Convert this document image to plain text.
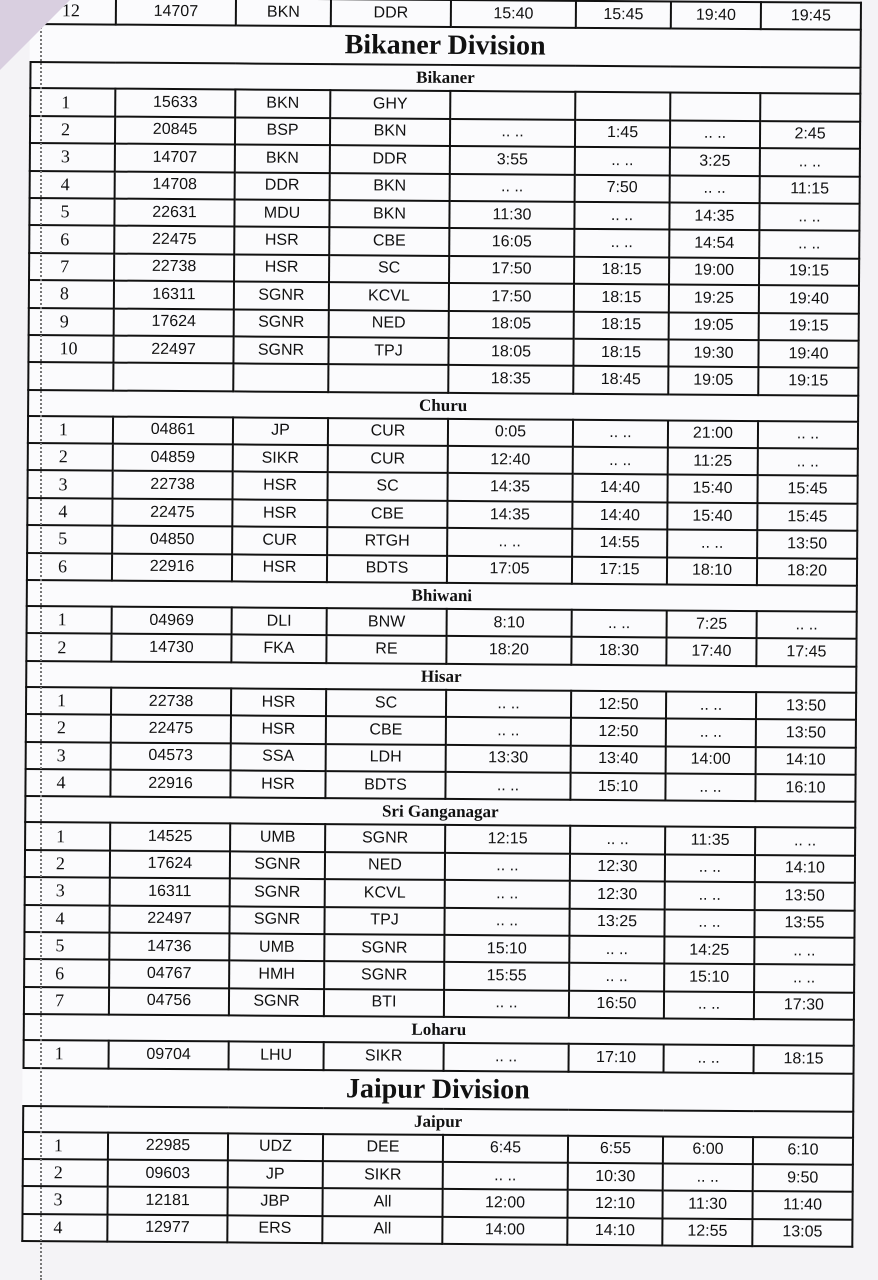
12	14707	BKN	DDR	15:40	15:45	19:40	19:45
Bikaner Division							
Bikaner							
1	15633	BKN	GHY				
2	20845	BSP	BKN	.. ..	1:45	.. ..	2:45
3	14707	BKN	DDR	3:55	.. ..	3:25	.. ..
4	14708	DDR	BKN	.. ..	7:50	.. ..	11:15
5	22631	MDU	BKN	11:30	.. ..	14:35	.. ..
6	22475	HSR	CBE	16:05	.. ..	14:54	.. ..
7	22738	HSR	SC	17:50	18:15	19:00	19:15
8	16311	SGNR	KCVL	17:50	18:15	19:25	19:40
9	17624	SGNR	NED	18:05	18:15	19:05	19:15
10	22497	SGNR	TPJ	18:05	18:15	19:30	19:40
				18:35	18:45	19:05	19:15
Churu							
1	04861	JP	CUR	0:05	.. ..	21:00	.. ..
2	04859	SIKR	CUR	12:40	.. ..	11:25	.. ..
3	22738	HSR	SC	14:35	14:40	15:40	15:45
4	22475	HSR	CBE	14:35	14:40	15:40	15:45
5	04850	CUR	RTGH	.. ..	14:55	.. ..	13:50
6	22916	HSR	BDTS	17:05	17:15	18:10	18:20
Bhiwani							
1	04969	DLI	BNW	8:10	.. ..	7:25	.. ..
2	14730	FKA	RE	18:20	18:30	17:40	17:45
Hisar							
1	22738	HSR	SC	.. ..	12:50	.. ..	13:50
2	22475	HSR	CBE	.. ..	12:50	.. ..	13:50
3	04573	SSA	LDH	13:30	13:40	14:00	14:10
4	22916	HSR	BDTS	.. ..	15:10	.. ..	16:10
Sri Ganganagar							
1	14525	UMB	SGNR	12:15	.. ..	11:35	.. ..
2	17624	SGNR	NED	.. ..	12:30	.. ..	14:10
3	16311	SGNR	KCVL	.. ..	12:30	.. ..	13:50
4	22497	SGNR	TPJ	.. ..	13:25	.. ..	13:55
5	14736	UMB	SGNR	15:10	.. ..	14:25	.. ..
6	04767	HMH	SGNR	15:55	.. ..	15:10	.. ..
7	04756	SGNR	BTI	.. ..	16:50	.. ..	17:30
Loharu							
1	09704	LHU	SIKR	.. ..	17:10	.. ..	18:15
Jaipur Division							
Jaipur							
1	22985	UDZ	DEE	6:45	6:55	6:00	6:10
2	09603	JP	SIKR	.. ..	10:30	.. ..	9:50
3	12181	JBP	All	12:00	12:10	11:30	11:40
4	12977	ERS	All	14:00	14:10	12:55	13:05
